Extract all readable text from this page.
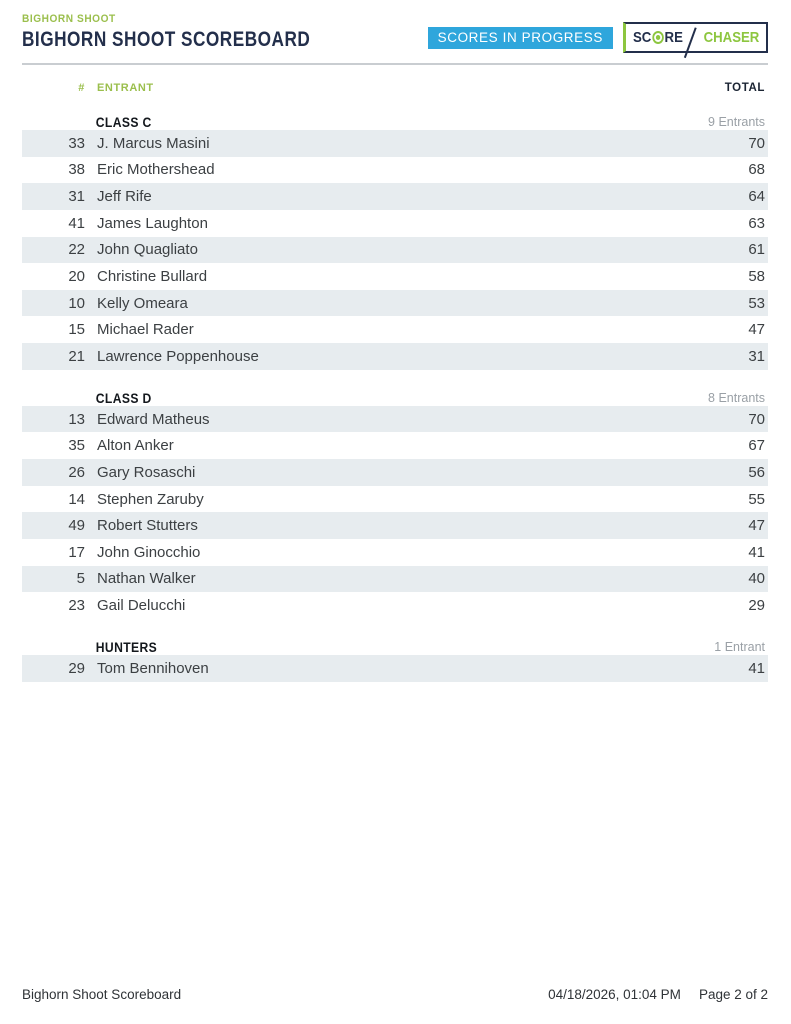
BIGHORN SHOOT
BIGHORN SHOOT SCOREBOARD	SCORES IN PROGRESS	SC RE CHASER
#	ENTRANT	TOTAL
CLASS C	9 Entrants
33 J. Marcus Masini	70
38 Eric Mothershead	68
31 Jeff Rife	64
41 James Laughton	63
22 John Quagliato	61
20 Christine Bullard	58
10 Kelly Omeara	53
15 Michael Rader	47
21 Lawrence Poppenhouse	31
CLASS D	8 Entrants
13 Edward Matheus	70
35 Alton Anker	67
26 Gary Rosaschi	56
14 Stephen Zaruby	55
49 Robert Stutters	47
17 John Ginocchio	41
5 Nathan Walker	40
23 Gail Delucchi	29
HUNTERS	1 Entrant
29 Tom Bennihoven	41
Bighorn Shoot Scoreboard	04/18/2026, 01:04 PM Page 2 of 2
